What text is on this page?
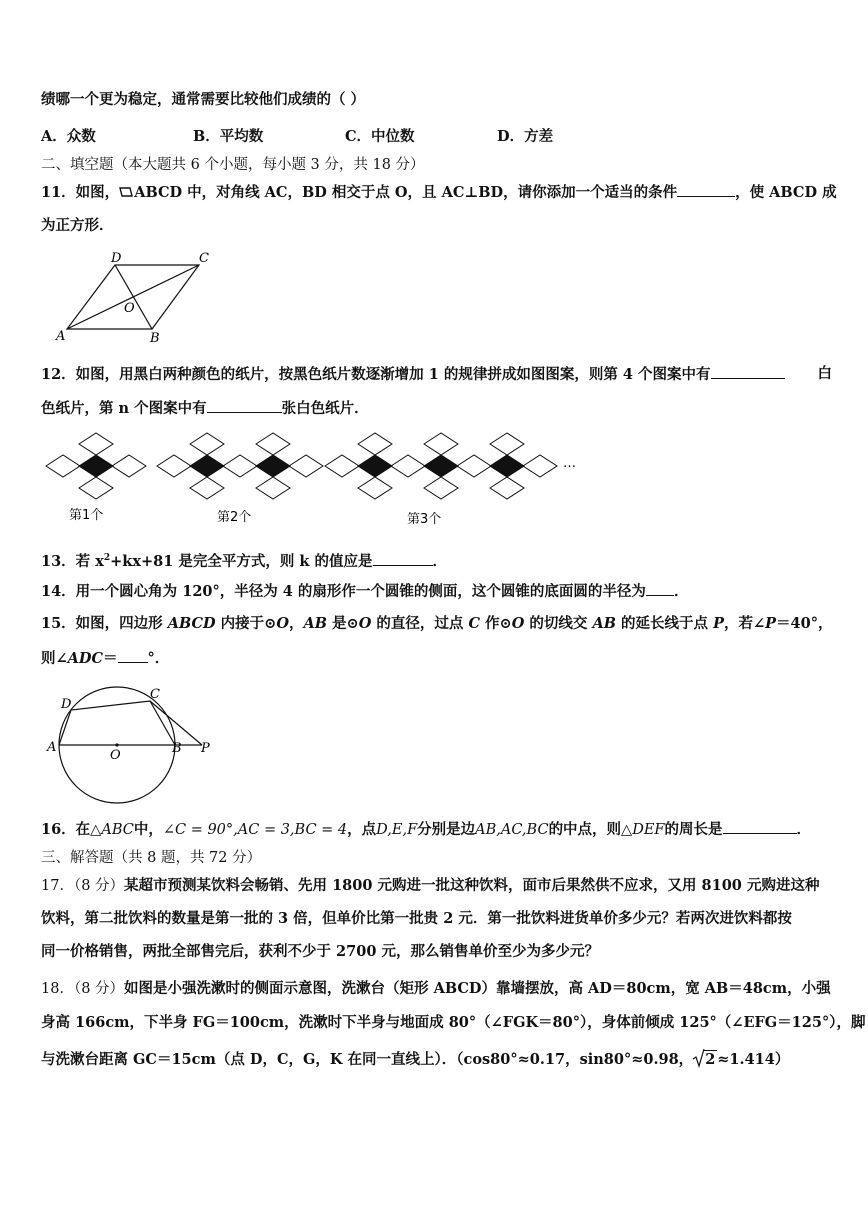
绩哪一个更为稳定，通常需要比较他们成绩的（ ）
A．众数	B．平均数	C．中位数	D．方差
二、填空题（本大题共 6 个小题，每小题 3 分，共 18 分）
11．如图， ABCD 中，对角线 AC，BD 相交于点 O，且 AC⊥BD，请你添加一个适当的条件	，使 ABCD 成
为正方形．
A	B
C
D
O
12．如图，用黑白两种颜色的纸片，按黑色纸片数逐渐增加 1 的规律拼成如图图案，则第 4 个图案中有	白
色纸片，第 n 个图案中有	张白色纸片．
第1个	第2个	第3个
…
13．若 $x^2+kx+81$ 是完全平方式，则 k 的值应是	．
14．用一个圆心角为 120°，半径为 4 的扇形作一个圆锥的侧面，这个圆锥的底面圆的半径为 ．
15．如图，四边形 ABCD 内接于⊙O，AB 是⊙O 的直径，过点 C 作⊙O 的切线交 AB 的延长线于点 P，若∠P＝40°，
则∠ADC＝ °．
A	B
C
D
O	P
16．在△ABC中，∠C = 90°,AC = 3,BC = 4，点D,E,F分别是边AB,AC,BC的中点，则△DEF的周长是	．
三、解答题（共 8 题，共 72 分）
17．（8 分）某超市预测某饮料会畅销、先用 1800 元购进一批这种饮料，面市后果然供不应求，又用 8100 元购进这种
饮料，第二批饮料的数量是第一批的 3 倍，但单价比第一批贵 2 元．第一批饮料进货单价多少元？若两次进饮料都按
同一价格销售，两批全部售完后，获利不少于 2700 元，那么销售单价至少为多少元？
18．（8 分）如图是小强洗漱时的侧面示意图，洗漱台（矩形 ABCD）靠墙摆放，高 AD＝80cm，宽 AB＝48cm，小强
身高 166cm，下半身 FG＝100cm，洗漱时下半身与地面成 80°（∠FGK＝80°），身体前倾成 125°（∠EFG＝125°），脚
与洗漱台距离 GC＝15cm（点 D，C，G，K 在同一直线上）．（cos80°≈0.17，sin80°≈0.98， 2 ≈1.414）
